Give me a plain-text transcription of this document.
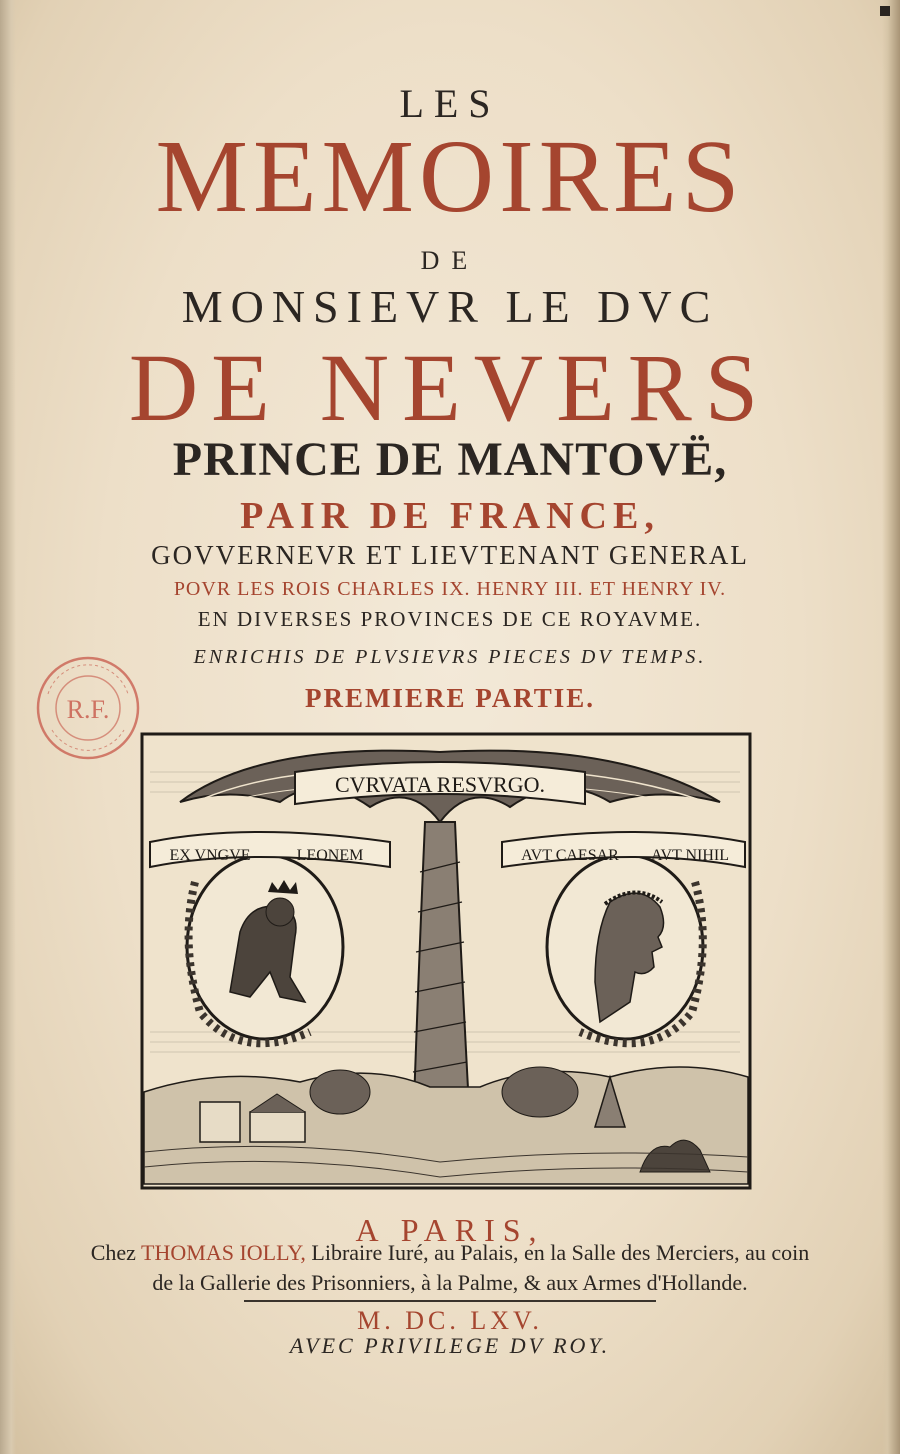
LES
MEMOIRES
DE
MONSIEVR LE DVC
DE NEVERS
PRINCE DE MANTOVË,
PAIR DE FRANCE,
GOVVERNEVR ET LIEVTENANT GENERAL
POVR LES ROIS CHARLES IX. HENRY III. ET HENRY IV.
EN DIVERSES PROVINCES DE CE ROYAVME.
ENRICHIS DE PLVSIEVRS PIECES DV TEMPS.
PREMIERE PARTIE.
R.F.
CVRVATA RESVRGO.
EX VNGVE	LEONEM	AVT CAESAR AVT NIHIL
A PARIS,
Chez THOMAS IOLLY, Libraire Iuré, au Palais, en la Salle des Merciers, au coin
de la Gallerie des Prisonniers, à la Palme, & aux Armes d'Hollande.
M. DC. LXV.
AVEC PRIVILEGE DV ROY.
